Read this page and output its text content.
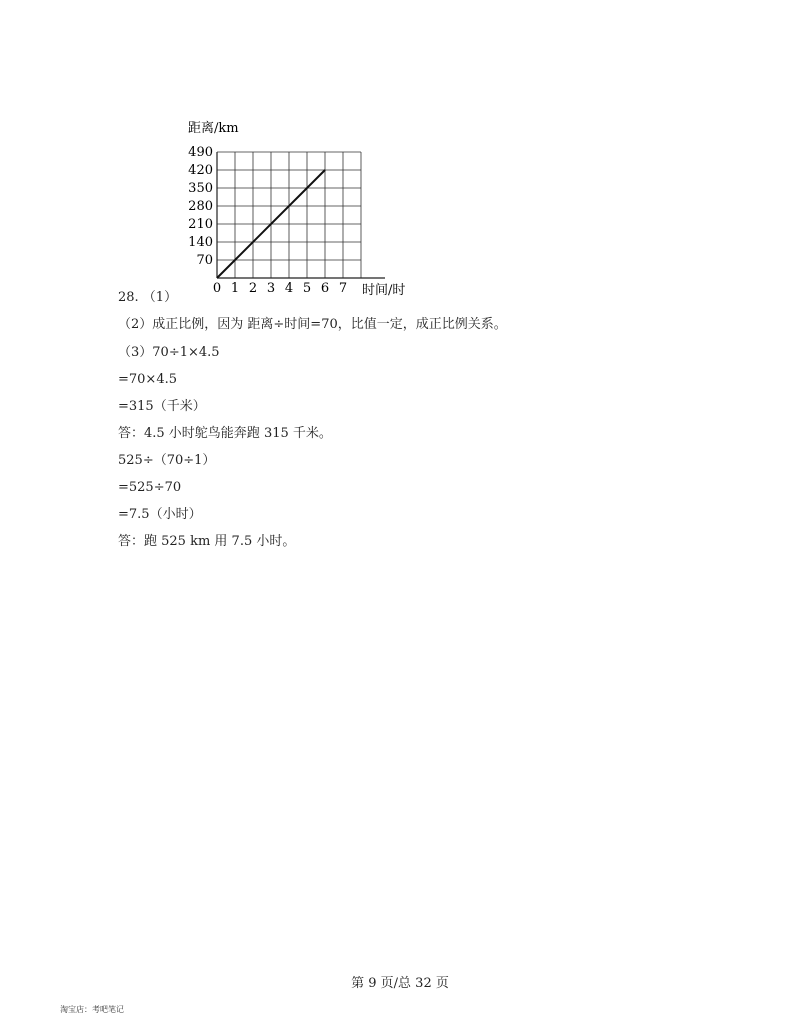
距离/km
70
140
210
280
350
420
490
0 1 2 3 4 5 6 7 时间/时
28. （1）
（2）成正比例，因为 距离÷时间=70，比值一定，成正比例关系。
（3）70÷1×4.5
=70×4.5
=315（千米）
答：4.5 小时鸵鸟能奔跑 315 千米。
525÷（70÷1）
=525÷70
=7.5（小时）
答：跑 525 km 用 7.5 小时。
第 9 页/总 32 页
淘宝店：考吧笔记
